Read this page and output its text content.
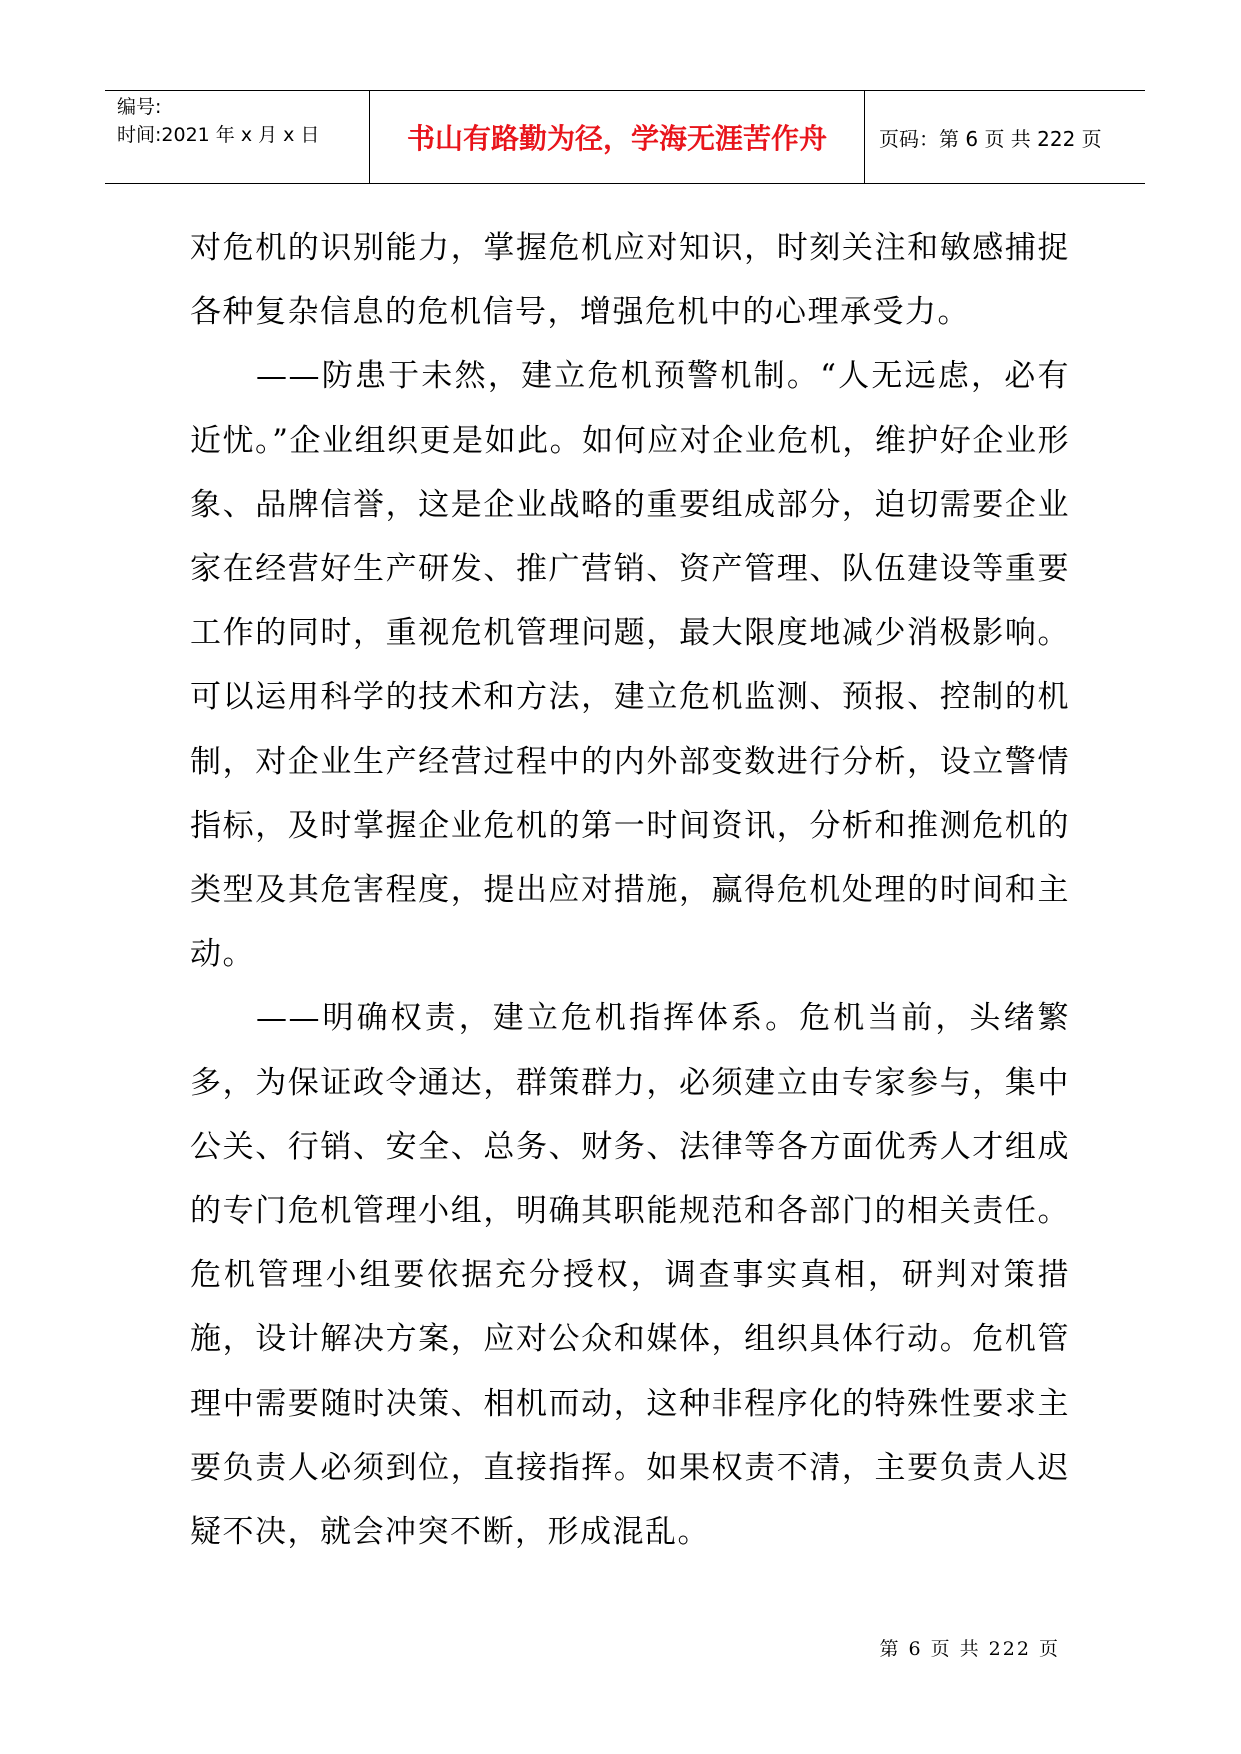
编号:
时间:2021 年 x 月 x 日	书山有路勤为径，学海无涯苦作舟	页码：第 6 页 共 222 页

对危机的识别能力，掌握危机应对知识，时刻关注和敏感捕捉各种复杂信息的危机信号，增强危机中的心理承受力。

——防患于未然，建立危机预警机制。“人无远虑，必有近忧。”企业组织更是如此。如何应对企业危机，维护好企业形象、品牌信誉，这是企业战略的重要组成部分，迫切需要企业家在经营好生产研发、推广营销、资产管理、队伍建设等重要工作的同时，重视危机管理问题，最大限度地减少消极影响。可以运用科学的技术和方法，建立危机监测、预报、控制的机制，对企业生产经营过程中的内外部变数进行分析，设立警情指标，及时掌握企业危机的第一时间资讯，分析和推测危机的类型及其危害程度，提出应对措施，赢得危机处理的时间和主动。

——明确权责，建立危机指挥体系。危机当前，头绪繁多，为保证政令通达，群策群力，必须建立由专家参与，集中公关、行销、安全、总务、财务、法律等各方面优秀人才组成的专门危机管理小组，明确其职能规范和各部门的相关责任。危机管理小组要依据充分授权，调查事实真相，研判对策措施，设计解决方案，应对公众和媒体，组织具体行动。危机管理中需要随时决策、相机而动，这种非程序化的特殊性要求主要负责人必须到位，直接指挥。如果权责不清，主要负责人迟疑不决，就会冲突不断，形成混乱。

第 6 页 共 222 页
